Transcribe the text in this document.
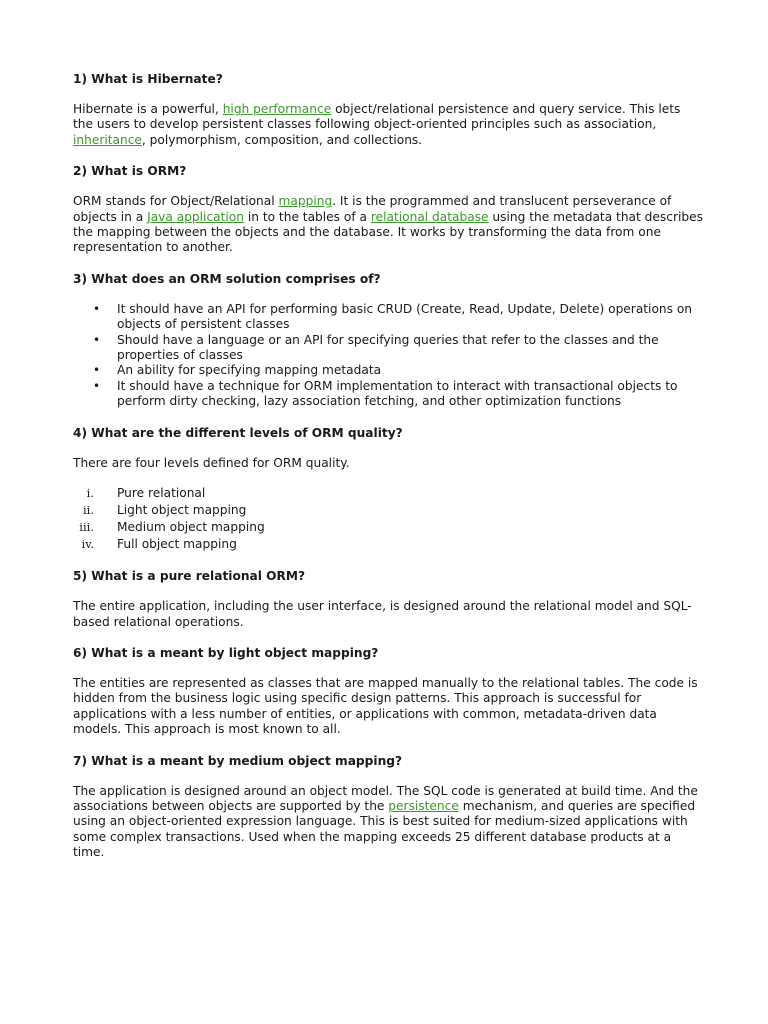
1) What is Hibernate?

Hibernate is a powerful, high performance object/relational persistence and query service. This lets the users to develop persistent classes following object-oriented principles such as association, inheritance, polymorphism, composition, and collections.

2) What is ORM?

ORM stands for Object/Relational mapping. It is the programmed and translucent perseverance of objects in a Java application in to the tables of a relational database using the metadata that describes the mapping between the objects and the database. It works by transforming the data from one representation to another.

3) What does an ORM solution comprises of?
• It should have an API for performing basic CRUD (Create, Read, Update, Delete) operations on objects of persistent classes
• Should have a language or an API for specifying queries that refer to the classes and the properties of classes
• An ability for specifying mapping metadata
• It should have a technique for ORM implementation to interact with transactional objects to perform dirty checking, lazy association fetching, and other optimization functions
4) What are the different levels of ORM quality?

There are four levels defined for ORM quality.

i. Pure relational
ii. Light object mapping
iii. Medium object mapping
iv. Full object mapping
5) What is a pure relational ORM?

The entire application, including the user interface, is designed around the relational model and SQL-based relational operations.

6) What is a meant by light object mapping?

The entities are represented as classes that are mapped manually to the relational tables. The code is hidden from the business logic using specific design patterns. This approach is successful for applications with a less number of entities, or applications with common, metadata-driven data models. This approach is most known to all.

7) What is a meant by medium object mapping?

The application is designed around an object model. The SQL code is generated at build time. And the associations between objects are supported by the persistence mechanism, and queries are specified using an object-oriented expression language. This is best suited for medium-sized applications with some complex transactions. Used when the mapping exceeds 25 different database products at a time.
